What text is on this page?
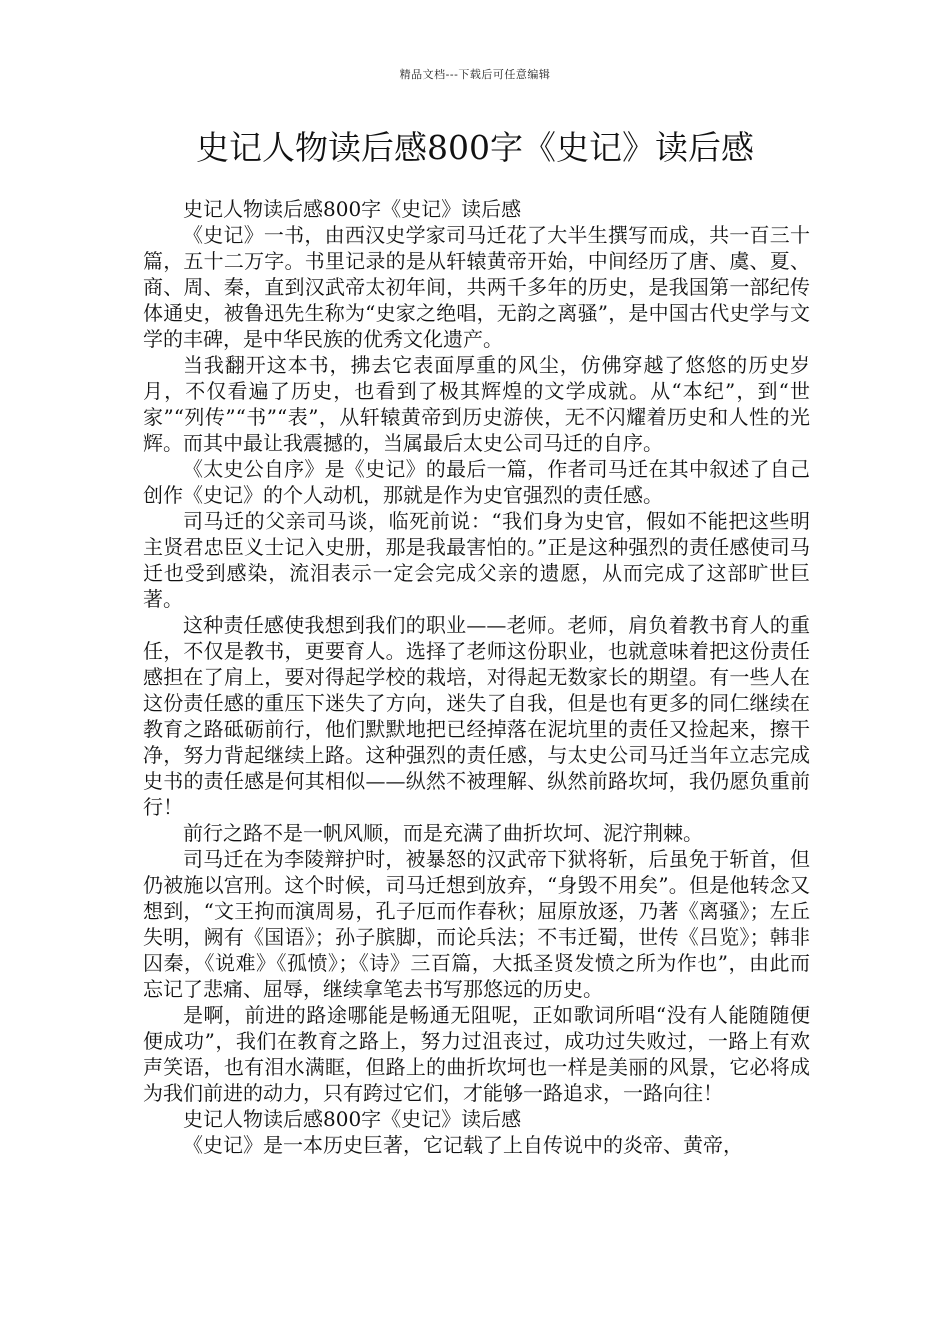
精品文档---下载后可任意编辑
史记人物读后感800字《史记》读后感

史记人物读后感800字《史记》读后感

《史记》一书，由西汉史学家司马迁花了大半生撰写而成，共一百三十篇，五十二万字。书里记录的是从轩辕黄帝开始，中间经历了唐、虞、夏、商、周、秦，直到汉武帝太初年间，共两千多年的历史，是我国第一部纪传体通史，被鲁迅先生称为“史家之绝唱，无韵之离骚”，是中国古代史学与文学的丰碑，是中华民族的优秀文化遗产。

当我翻开这本书，拂去它表面厚重的风尘，仿佛穿越了悠悠的历史岁月，不仅看遍了历史，也看到了极其辉煌的文学成就。从“本纪”，到“世家”“列传”“书”“表”，从轩辕黄帝到历史游侠，无不闪耀着历史和人性的光辉。而其中最让我震撼的，当属最后太史公司马迁的自序。

《太史公自序》是《史记》的最后一篇，作者司马迁在其中叙述了自己创作《史记》的个人动机，那就是作为史官强烈的责任感。

司马迁的父亲司马谈，临死前说：“我们身为史官，假如不能把这些明主贤君忠臣义士记入史册，那是我最害怕的。”正是这种强烈的责任感使司马迁也受到感染，流泪表示一定会完成父亲的遗愿，从而完成了这部旷世巨著。

这种责任感使我想到我们的职业——老师。老师，肩负着教书育人的重任，不仅是教书，更要育人。选择了老师这份职业，也就意味着把这份责任感担在了肩上，要对得起学校的栽培，对得起无数家长的期望。有一些人在这份责任感的重压下迷失了方向，迷失了自我，但是也有更多的同仁继续在教育之路砥砺前行，他们默默地把已经掉落在泥坑里的责任又捡起来，擦干净，努力背起继续上路。这种强烈的责任感，与太史公司马迁当年立志完成史书的责任感是何其相似——纵然不被理解、纵然前路坎坷，我仍愿负重前行！

前行之路不是一帆风顺，而是充满了曲折坎坷、泥泞荆棘。

司马迁在为李陵辩护时，被暴怒的汉武帝下狱将斩，后虽免于斩首，但仍被施以宫刑。这个时候，司马迁想到放弃，“身毁不用矣”。但是他转念又想到，“文王拘而演周易，孔子厄而作春秋；屈原放逐，乃著《离骚》；左丘失明，阙有《国语》；孙子膑脚，而论兵法；不韦迁蜀，世传《吕览》；韩非囚秦，《说难》《孤愤》；《诗》三百篇，大抵圣贤发愤之所为作也”，由此而忘记了悲痛、屈辱，继续拿笔去书写那悠远的历史。

是啊，前进的路途哪能是畅通无阻呢，正如歌词所唱“没有人能随随便便成功”，我们在教育之路上，努力过沮丧过，成功过失败过，一路上有欢声笑语，也有泪水满眶，但路上的曲折坎坷也一样是美丽的风景，它必将成为我们前进的动力，只有跨过它们，才能够一路追求，一路向往！

史记人物读后感800字《史记》读后感

《史记》是一本历史巨著，它记载了上自传说中的炎帝、黄帝，
